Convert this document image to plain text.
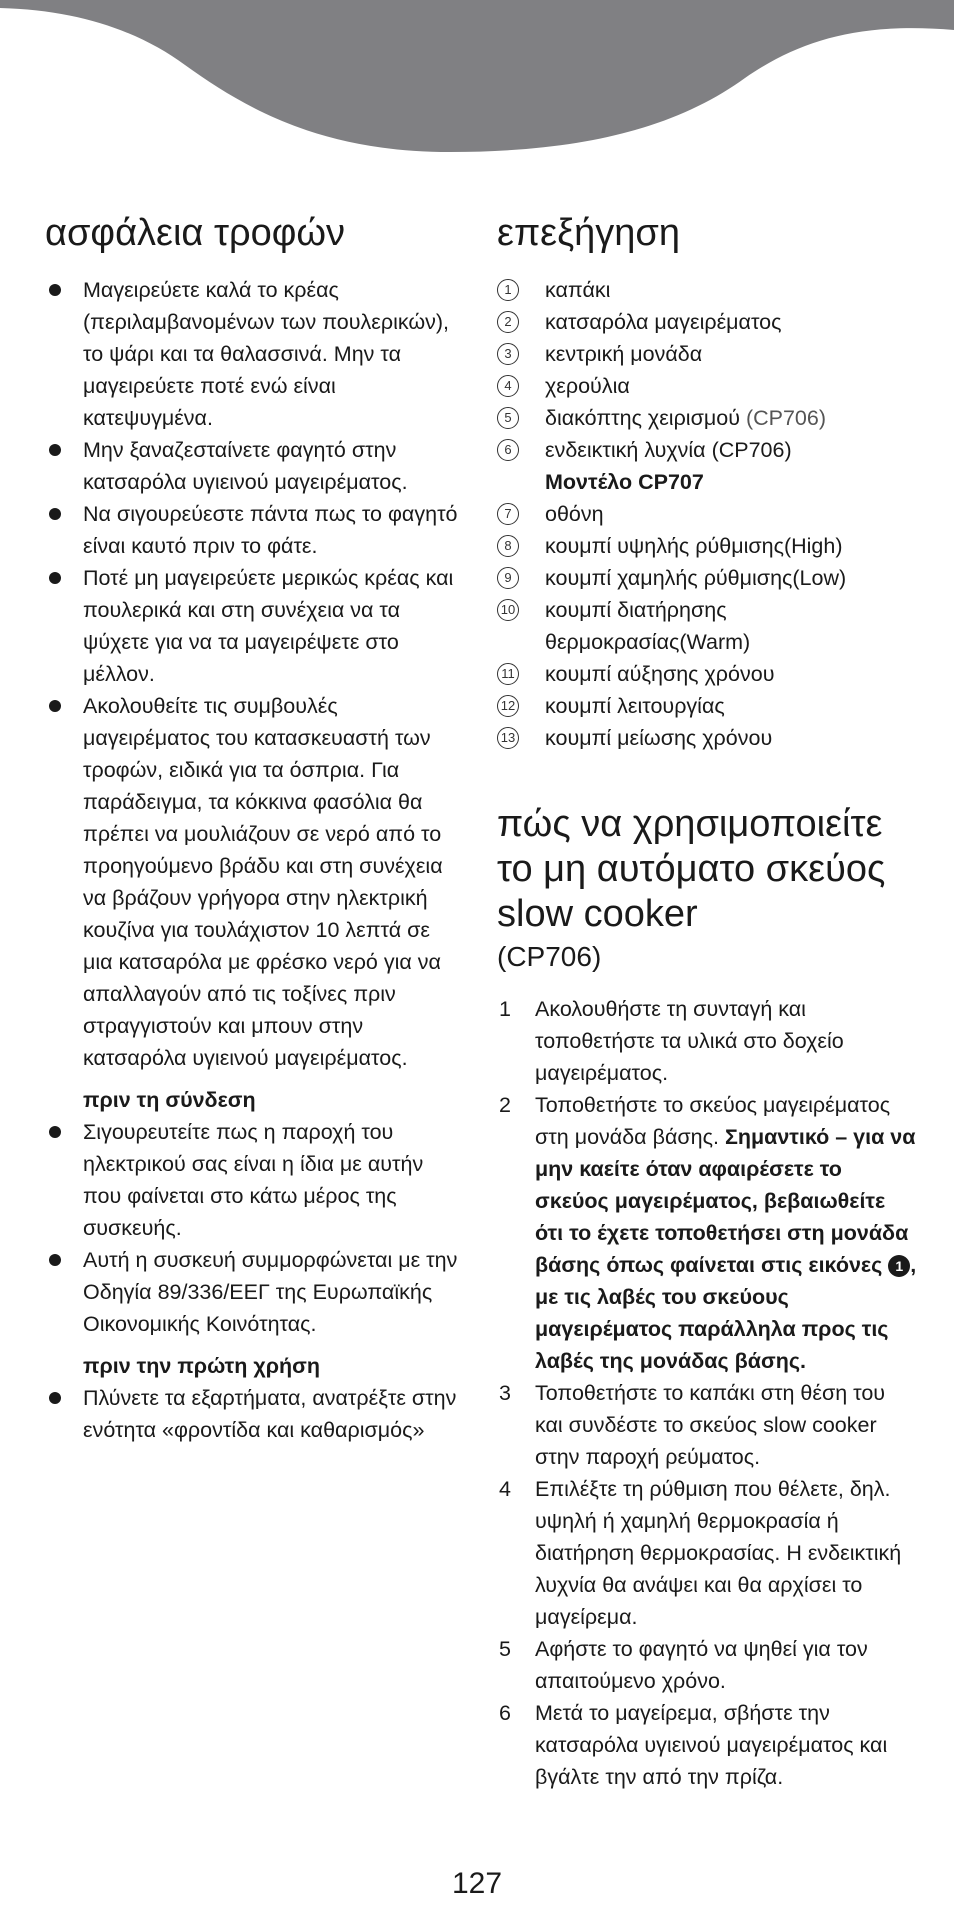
ασφάλεια τροφών
Μαγειρεύετε καλά το κρέας (περιλαμβανομένων των πουλερικών), το ψάρι και τα θαλασσινά. Μην τα μαγειρεύετε ποτέ ενώ είναι κατεψυγμένα.
Μην ξαναζεσταίνετε φαγητό στην κατσαρόλα υγιεινού μαγειρέματος.
Να σιγουρεύεστε πάντα πως το φαγητό είναι καυτό πριν το φάτε.
Ποτέ μη μαγειρεύετε μερικώς κρέας και πουλερικά και στη συνέχεια να τα ψύχετε για να τα μαγειρέψετε στο μέλλον.
Ακολουθείτε τις συμβουλές μαγειρέματος του κατασκευαστή των τροφών, ειδικά για τα όσπρια. Για παράδειγμα, τα κόκκινα φασόλια θα πρέπει να μουλιάζουν σε νερό από το προηγούμενο βράδυ και στη συνέχεια να βράζουν γρήγορα στην ηλεκτρική κουζίνα για τουλάχιστον 10 λεπτά σε μια κατσαρόλα με φρέσκο νερό για να απαλλαγούν από τις τοξίνες πριν στραγγιστούν και μπουν στην κατσαρόλα υγιεινού μαγειρέματος.
πριν τη σύνδεση
Σιγουρευτείτε πως η παροχή του ηλεκτρικού σας είναι η ίδια με αυτήν που φαίνεται στο κάτω μέρος της συσκευής.
Αυτή η συσκευή συμμορφώνεται με την Οδηγία 89/336/ΕΕΓ της Ευρωπαϊκής Οικονομικής Κοινότητας.
πριν την πρώτη χρήση
Πλύνετε τα εξαρτήματα, ανατρέξτε στην ενότητα «φροντίδα και καθαρισμός»
επεξήγηση
1	καπάκι
2	κατσαρόλα μαγειρέματος
3	κεντρική μονάδα
4	χερούλια
5	διακόπτης χειρισμού (CP706)
6	ενδεικτική λυχνία (CP706)
Μοντέλο CP707
7	οθόνη
8	κουμπί υψηλής ρύθμισης(High)
9	κουμπί χαμηλής ρύθμισης(Low)
10 κουμπί διατήρησης θερμοκρασίας(Warm)
11 κουμπί αύξησης χρόνου
12 κουμπί λειτουργίας
13 κουμπί μείωσης χρόνου
πώς να χρησιμοποιείτε το μη αυτόματο σκεύος slow cooker
(CP706)
1 Ακολουθήστε τη συνταγή και τοποθετήστε τα υλικά στο δοχείο μαγειρέματος.
2 Τοποθετήστε το σκεύος μαγειρέματος στη μονάδα βάσης. Σημαντικό – για να μην καείτε όταν αφαιρέσετε το σκεύος μαγειρέματος, βεβαιωθείτε ότι το έχετε τοποθετήσει στη μονάδα βάσης όπως φαίνεται στις εικόνες 1 , με τις λαβές του σκεύους μαγειρέματος παράλληλα προς τις λαβές της μονάδας βάσης.
3 Τοποθετήστε το καπάκι στη θέση του και συνδέστε το σκεύος slow cooker στην παροχή ρεύματος.
4 Επιλέξτε τη ρύθμιση που θέλετε, δηλ. υψηλή ή χαμηλή θερμοκρασία ή διατήρηση θερμοκρασίας. Η ενδεικτική λυχνία θα ανάψει και θα αρχίσει το μαγείρεμα.
5 Αφήστε το φαγητό να ψηθεί για τον απαιτούμενο χρόνο.
6 Μετά το μαγείρεμα, σβήστε την κατσαρόλα υγιεινού μαγειρέματος και βγάλτε την από την πρίζα.
127
